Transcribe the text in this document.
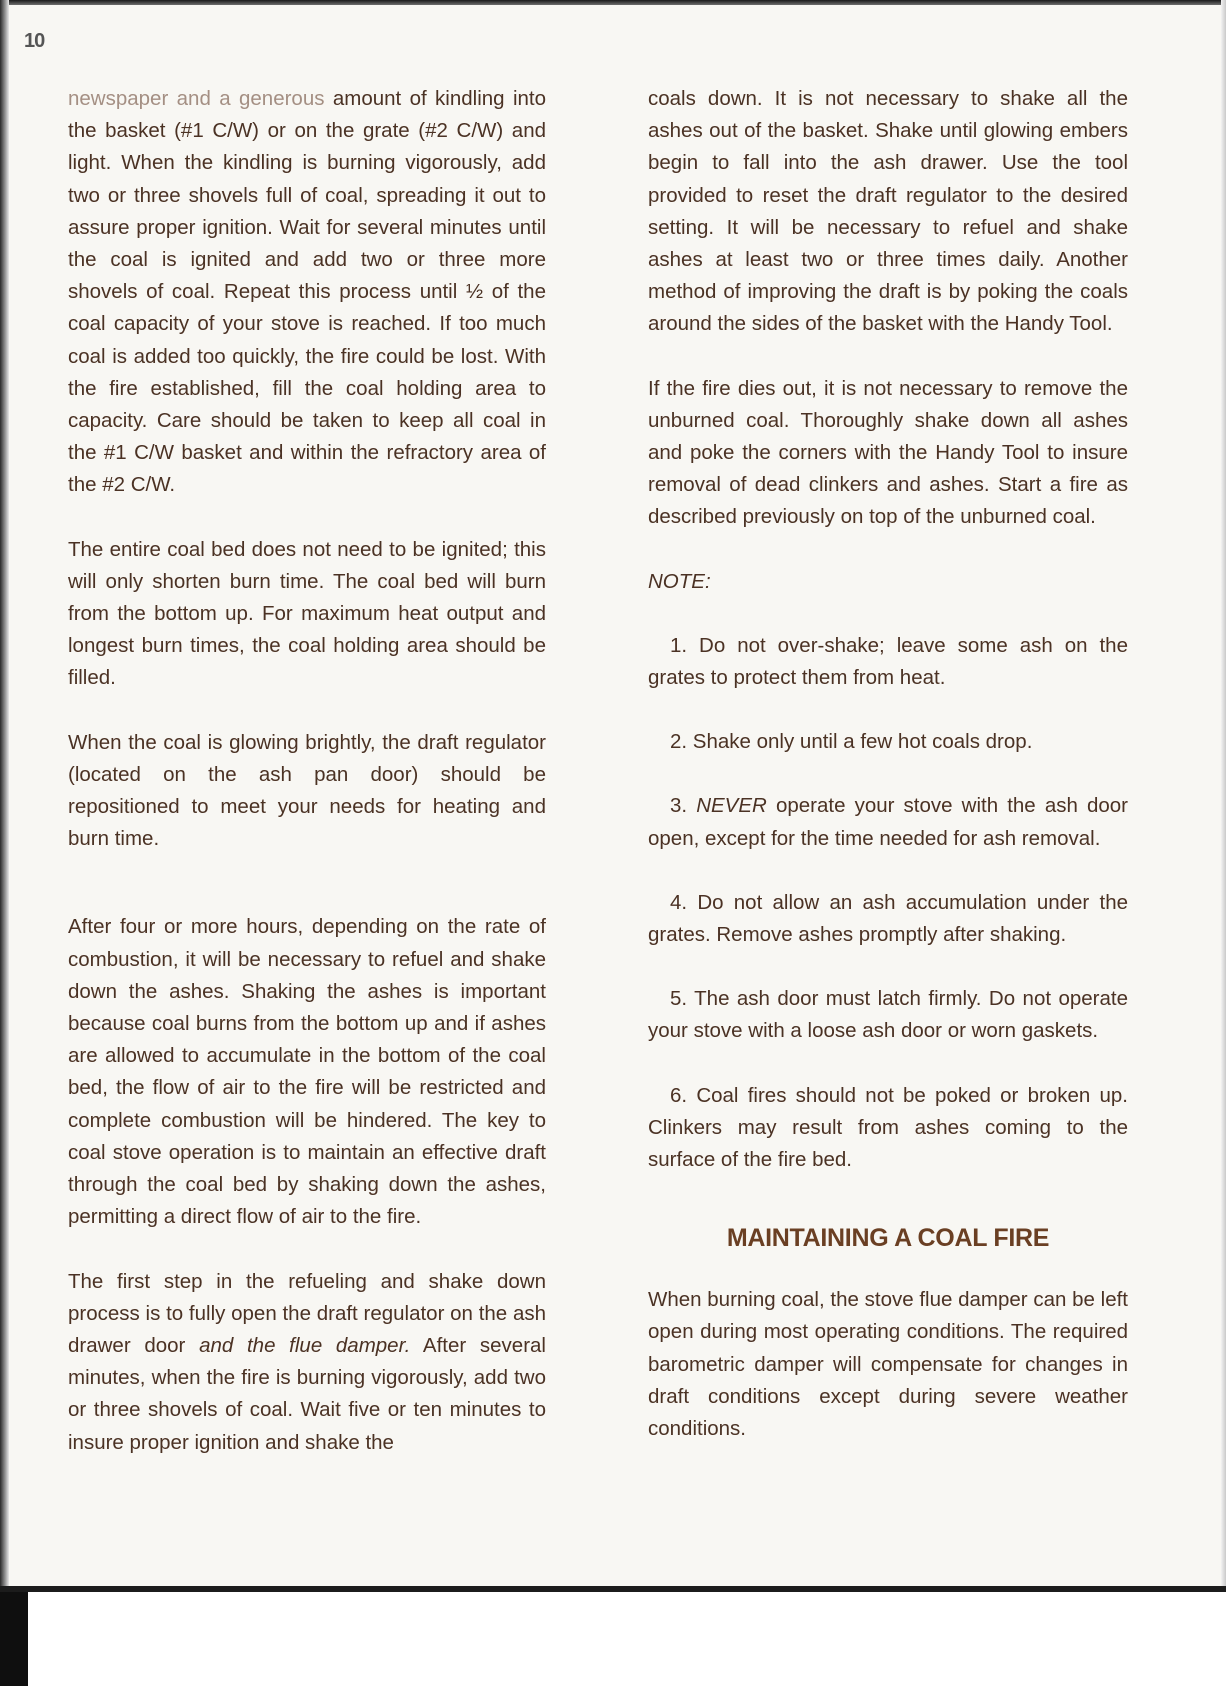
10

newspaper and a generous amount of kindling into the basket (#1 C/W) or on the grate (#2 C/W) and light. When the kindling is burning vigorously, add two or three shovels full of coal, spreading it out to assure proper ignition. Wait for several minutes until the coal is ignited and add two or three more shovels of coal. Repeat this process until ½ of the coal capacity of your stove is reached. If too much coal is added too quickly, the fire could be lost. With the fire established, fill the coal holding area to capacity. Care should be taken to keep all coal in the #1 C/W basket and within the refractory area of the #2 C/W.

The entire coal bed does not need to be ignited; this will only shorten burn time. The coal bed will burn from the bottom up. For maximum heat output and longest burn times, the coal holding area should be filled.

When the coal is glowing brightly, the draft regulator (located on the ash pan door) should be repositioned to meet your needs for heating and burn time.

After four or more hours, depending on the rate of combustion, it will be necessary to refuel and shake down the ashes. Shaking the ashes is important because coal burns from the bottom up and if ashes are allowed to accumulate in the bottom of the coal bed, the flow of air to the fire will be restricted and complete combustion will be hindered. The key to coal stove operation is to maintain an effective draft through the coal bed by shaking down the ashes, permitting a direct flow of air to the fire.

The first step in the refueling and shake down process is to fully open the draft regulator on the ash drawer door and the flue damper. After several minutes, when the fire is burning vigorously, add two or three shovels of coal. Wait five or ten minutes to insure proper ignition and shake the

coals down. It is not necessary to shake all the ashes out of the basket. Shake until glowing embers begin to fall into the ash drawer. Use the tool provided to reset the draft regulator to the desired setting. It will be necessary to refuel and shake ashes at least two or three times daily. Another method of improving the draft is by poking the coals around the sides of the basket with the Handy Tool.

If the fire dies out, it is not necessary to remove the unburned coal. Thoroughly shake down all ashes and poke the corners with the Handy Tool to insure removal of dead clinkers and ashes. Start a fire as described previously on top of the unburned coal.

NOTE:

1. Do not over-shake; leave some ash on the grates to protect them from heat.

2. Shake only until a few hot coals drop.

3. NEVER operate your stove with the ash door open, except for the time needed for ash removal.

4. Do not allow an ash accumulation under the grates. Remove ashes promptly after shaking.

5. The ash door must latch firmly. Do not operate your stove with a loose ash door or worn gaskets.

6. Coal fires should not be poked or broken up. Clinkers may result from ashes coming to the surface of the fire bed.

MAINTAINING A COAL FIRE

When burning coal, the stove flue damper can be left open during most operating conditions. The required barometric damper will compensate for changes in draft conditions except during severe weather conditions.
